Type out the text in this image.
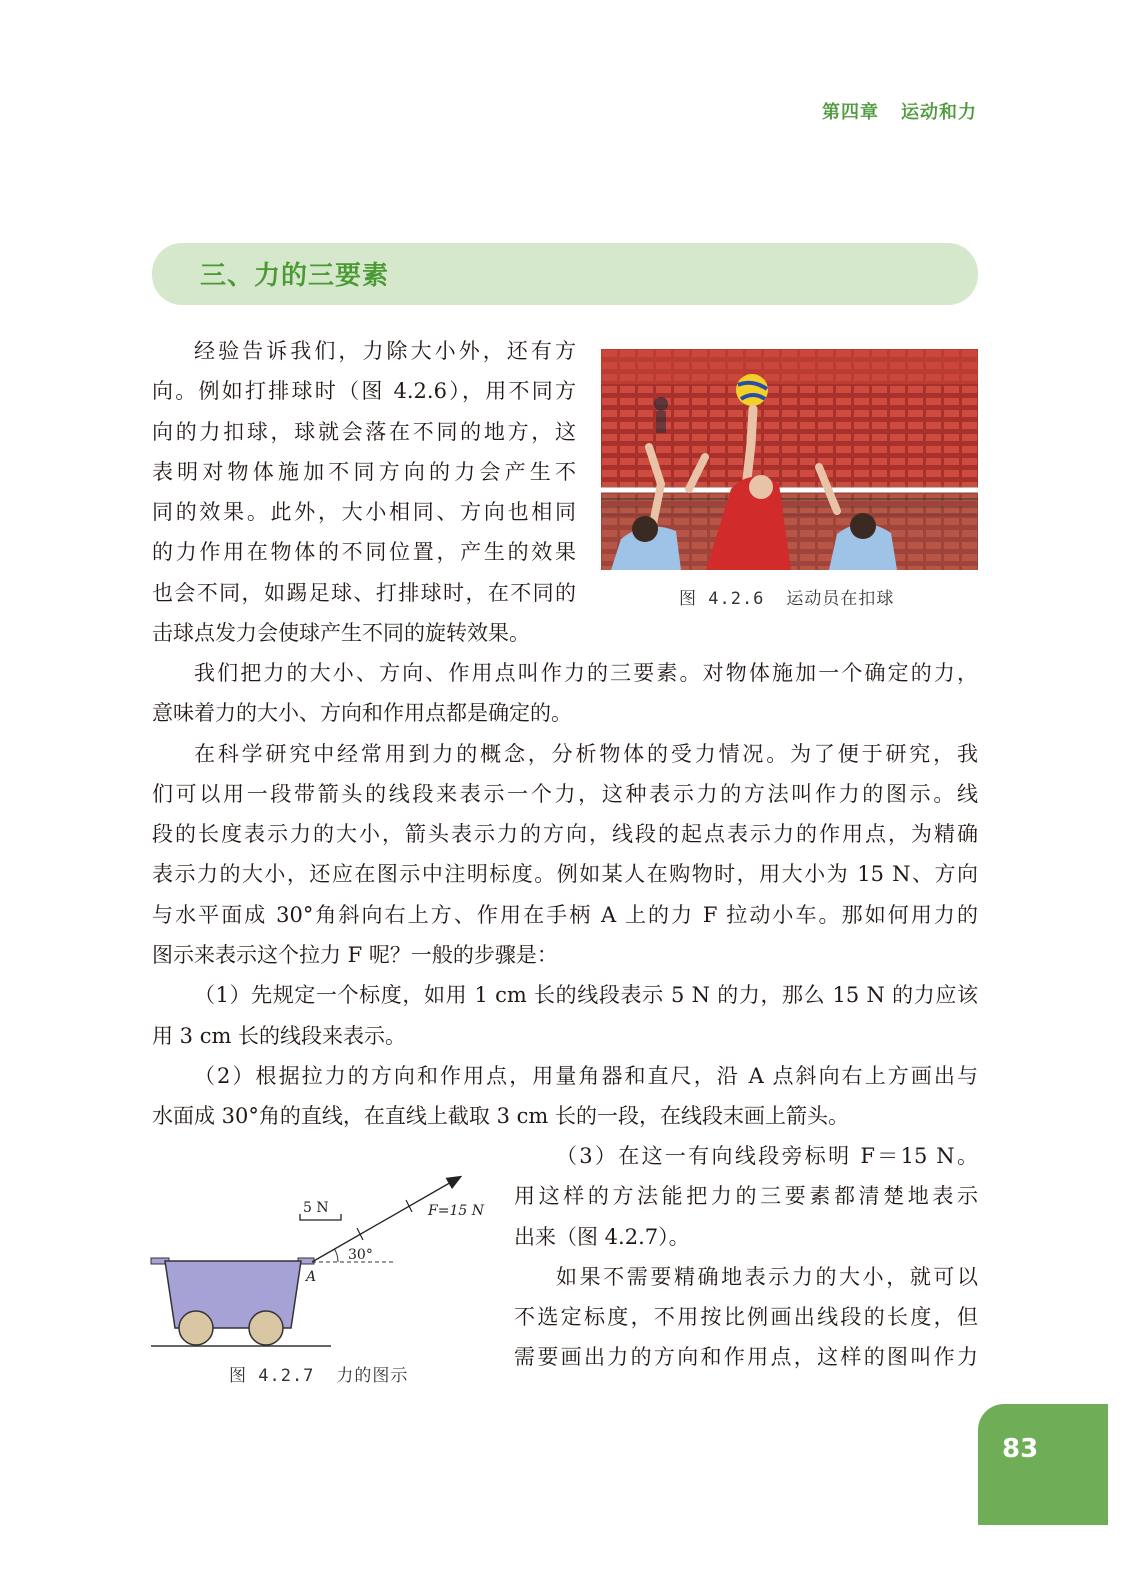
第四章 运动和力
三、力的三要素
经验告诉我们，力除大小外，还有方
向。例如打排球时（图 4.2.6），用不同方
向的力扣球，球就会落在不同的地方，这
表明对物体施加不同方向的力会产生不
同的效果。此外，大小相同、方向也相同
的力作用在物体的不同位置，产生的效果
也会不同，如踢足球、打排球时，在不同的
击球点发力会使球产生不同的旋转效果。
图 4.2.6 运动员在扣球
我们把力的大小、方向、作用点叫作力的三要素。对物体施加一个确定的力，
意味着力的大小、方向和作用点都是确定的。
在科学研究中经常用到力的概念，分析物体的受力情况。为了便于研究，我
们可以用一段带箭头的线段来表示一个力，这种表示力的方法叫作力的图示。线
段的长度表示力的大小，箭头表示力的方向，线段的起点表示力的作用点，为精确
表示力的大小，还应在图示中注明标度。例如某人在购物时，用大小为 15 N、方向
与水平面成 30°角斜向右上方、作用在手柄 A 上的力 F 拉动小车。那如何用力的
图示来表示这个拉力 F 呢？一般的步骤是：
（1）先规定一个标度，如用 1 cm 长的线段表示 5 N 的力，那么 15 N 的力应该
用 3 cm 长的线段来表示。
（2）根据拉力的方向和作用点，用量角器和直尺，沿 A 点斜向右上方画出与
水面成 30°角的直线，在直线上截取 3 cm 长的一段，在线段末画上箭头。
5 N	F=15 N
30°
A
图 4.2.7 力的图示
（3）在这一有向线段旁标明 F＝15 N。
用这样的方法能把力的三要素都清楚地表示
出来（图 4.2.7）。
如果不需要精确地表示力的大小，就可以
不选定标度，不用按比例画出线段的长度，但
需要画出力的方向和作用点，这样的图叫作力
83
